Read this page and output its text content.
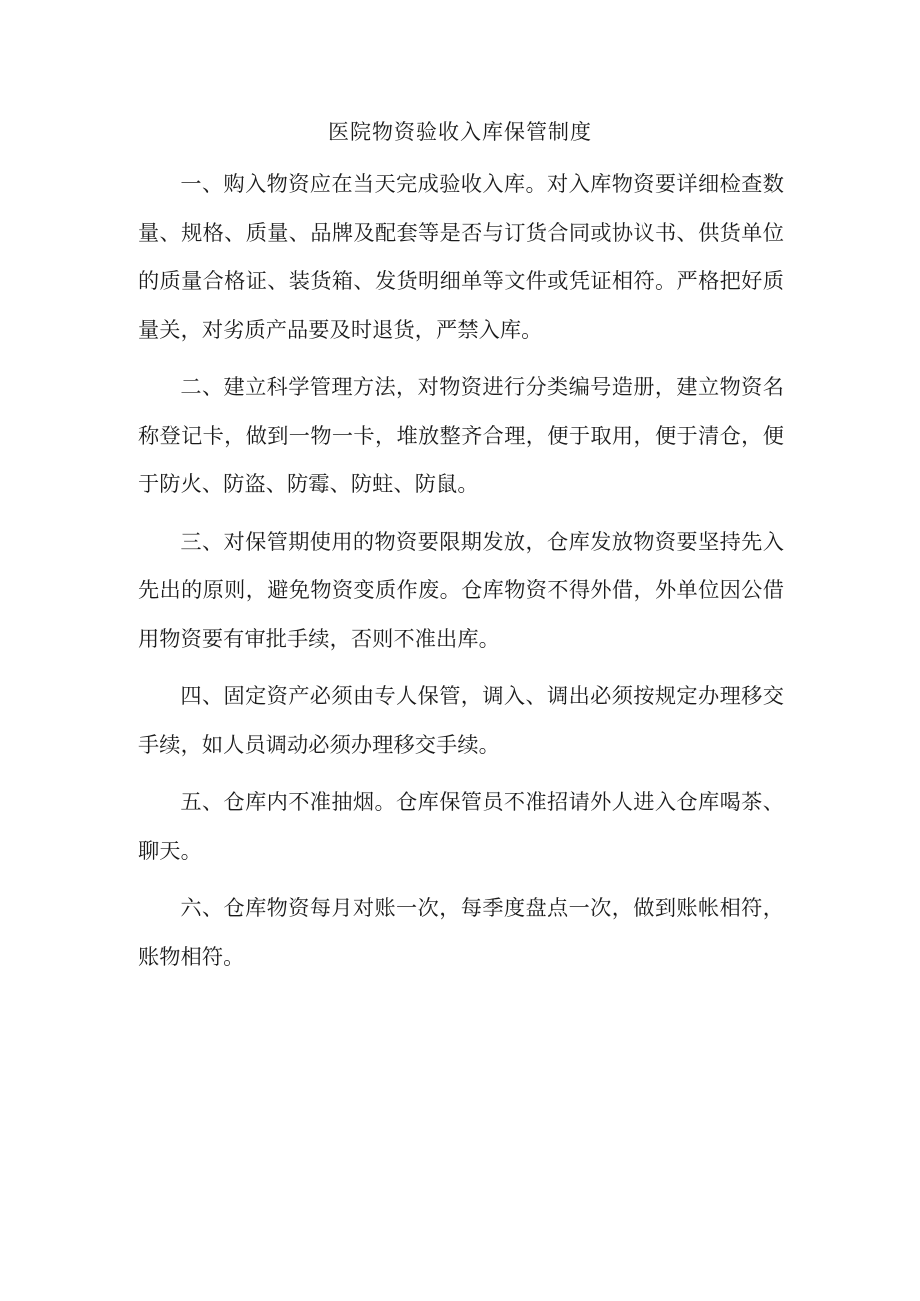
医院物资验收入库保管制度

一、购入物资应在当天完成验收入库。对入库物资要详细检查数量、规格、质量、品牌及配套等是否与订货合同或协议书、供货单位的质量合格证、装货箱、发货明细单等文件或凭证相符。严格把好质量关，对劣质产品要及时退货，严禁入库。

二、建立科学管理方法，对物资进行分类编号造册，建立物资名称登记卡，做到一物一卡，堆放整齐合理，便于取用，便于清仓，便于防火、防盗、防霉、防蛀、防鼠。

三、对保管期使用的物资要限期发放，仓库发放物资要坚持先入先出的原则，避免物资变质作废。仓库物资不得外借，外单位因公借用物资要有审批手续，否则不准出库。

四、固定资产必须由专人保管，调入、调出必须按规定办理移交手续，如人员调动必须办理移交手续。

五、仓库内不准抽烟。仓库保管员不准招请外人进入仓库喝茶、聊天。

六、仓库物资每月对账一次，每季度盘点一次，做到账帐相符，账物相符。
